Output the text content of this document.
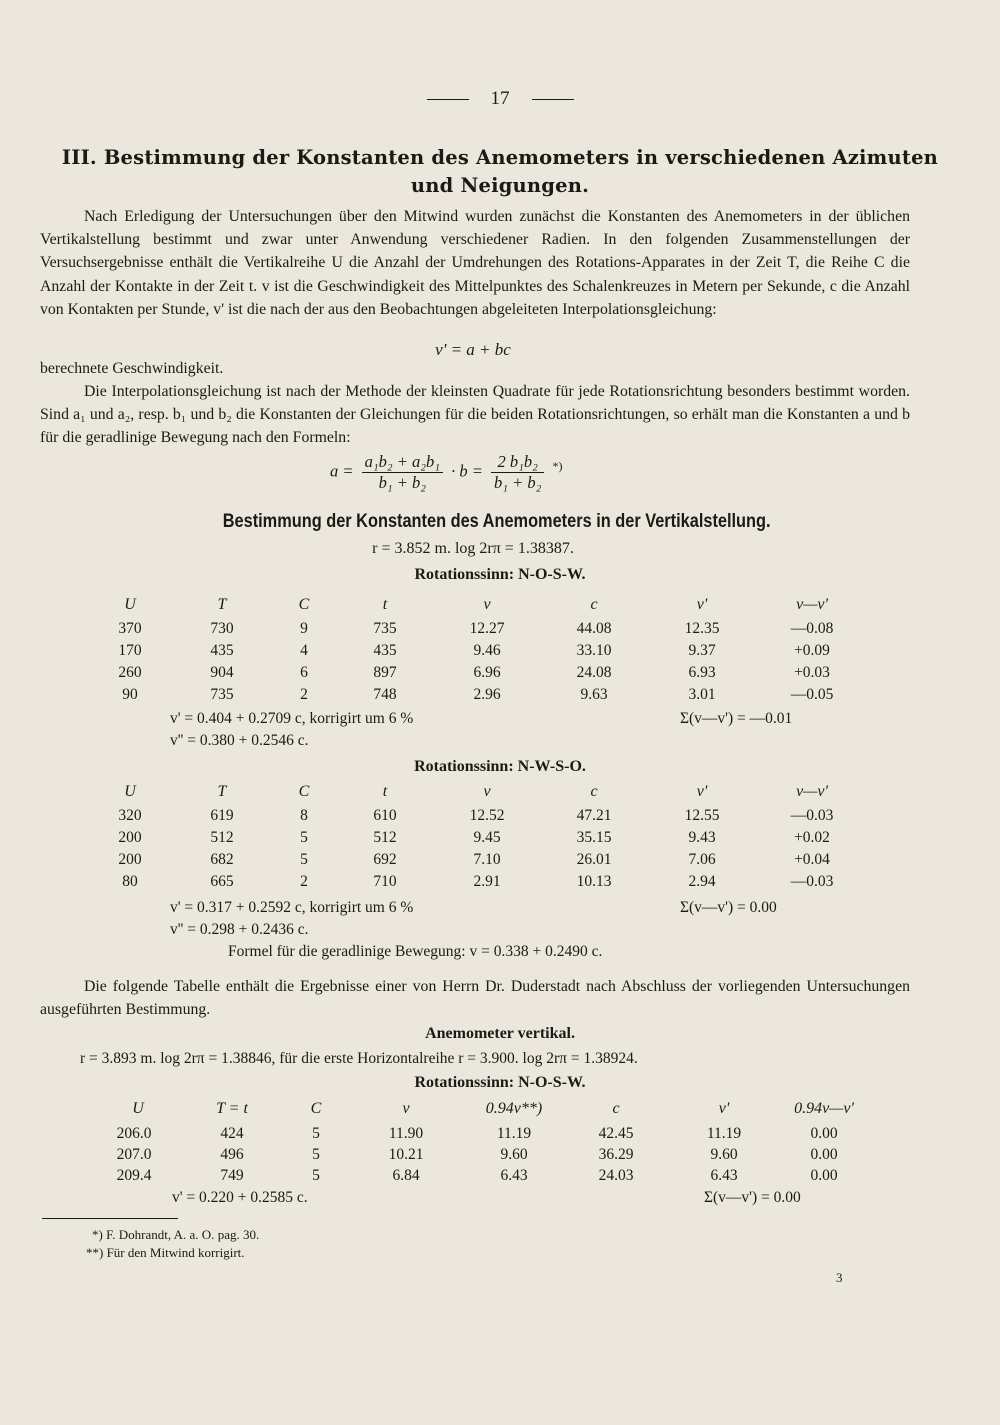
17
III. Bestimmung der Konstanten des Anemometers in verschiedenen Azimuten
und Neigungen.
Nach Erledigung der Untersuchungen über den Mitwind wurden zunächst die Konstanten des Anemometers in der üblichen Vertikalstellung bestimmt und zwar unter Anwendung verschiedener Radien. In den folgenden Zusammenstellungen der Versuchsergebnisse enthält die Vertikalreihe U die Anzahl der Umdrehungen des Rotations-Apparates in der Zeit T, die Reihe C die Anzahl der Kontakte in der Zeit t. v ist die Geschwindigkeit des Mittelpunktes des Schalenkreuzes in Metern per Sekunde, c die Anzahl von Kontakten per Stunde, v' ist die nach der aus den Beobachtungen abgeleiteten Interpolationsgleichung:
v' = a + bc
berechnete Geschwindigkeit.
Die Interpolationsgleichung ist nach der Methode der kleinsten Quadrate für jede Rotationsrichtung besonders bestimmt worden. Sind a₁ und a₂, resp. b₁ und b₂ die Konstanten der Gleichungen für die beiden Rotationsrichtungen, so erhält man die Konstanten a und b für die geradlinige Bewegung nach den Formeln:
$a = \frac{\text{a₁b₂ + a₂b₁}}{\text{b₁ + b₂}} \cdot b = \frac{\text{2 b₁b₂}}{\text{b₁ + b₂}} ^{*)}$
Bestimmung der Konstanten des Anemometers in der Vertikalstellung.
r = 3.852 m. log 2rπ = 1.38387.
Rotationssinn: N-O-S-W.
U	T	C	t	v	c	v'	v—v'
370	730	9	735	12.27	44.08	12.35	—0.08
170	435	4	435	9.46	33.10	9.37	+0.09
260	904	6	897	6.96	24.08	6.93	+0.03
90	735	2	748	2.96	9.63	3.01	—0.05
v' = 0.404 + 0.2709 c, korrigirt um 6 %	Σ(v—v') = —0.01
v'' = 0.380 + 0.2546 c.
Rotationssinn: N-W-S-O.
U	T	C	t	v	c	v'	v—v'
320	619	8	610	12.52	47.21	12.55	—0.03
200	512	5	512	9.45	35.15	9.43	+0.02
200	682	5	692	7.10	26.01	7.06	+0.04
80	665	2	710	2.91	10.13	2.94	—0.03
v' = 0.317 + 0.2592 c, korrigirt um 6 %	Σ(v—v') = 0.00
v'' = 0.298 + 0.2436 c.
Formel für die geradlinige Bewegung: v = 0.338 + 0.2490 c.
Die folgende Tabelle enthält die Ergebnisse einer von Herrn Dr. Duderstadt nach Abschluss der vorliegenden Untersuchungen ausgeführten Bestimmung.
Anemometer vertikal.
r = 3.893 m. log 2rπ = 1.38846, für die erste Horizontalreihe r = 3.900. log 2rπ = 1.38924.
Rotationssinn: N-O-S-W.
U	T = t	C	v	0.94v**)	c	v'	0.94v—v'
206.0	424	5	11.90	11.19	42.45	11.19	0.00
207.0	496	5	10.21	9.60	36.29	9.60	0.00
209.4	749	5	6.84	6.43	24.03	6.43	0.00
v' = 0.220 + 0.2585 c.	Σ(v—v') = 0.00
*) F. Dohrandt, A. a. O. pag. 30.
**) Für den Mitwind korrigirt.
3
